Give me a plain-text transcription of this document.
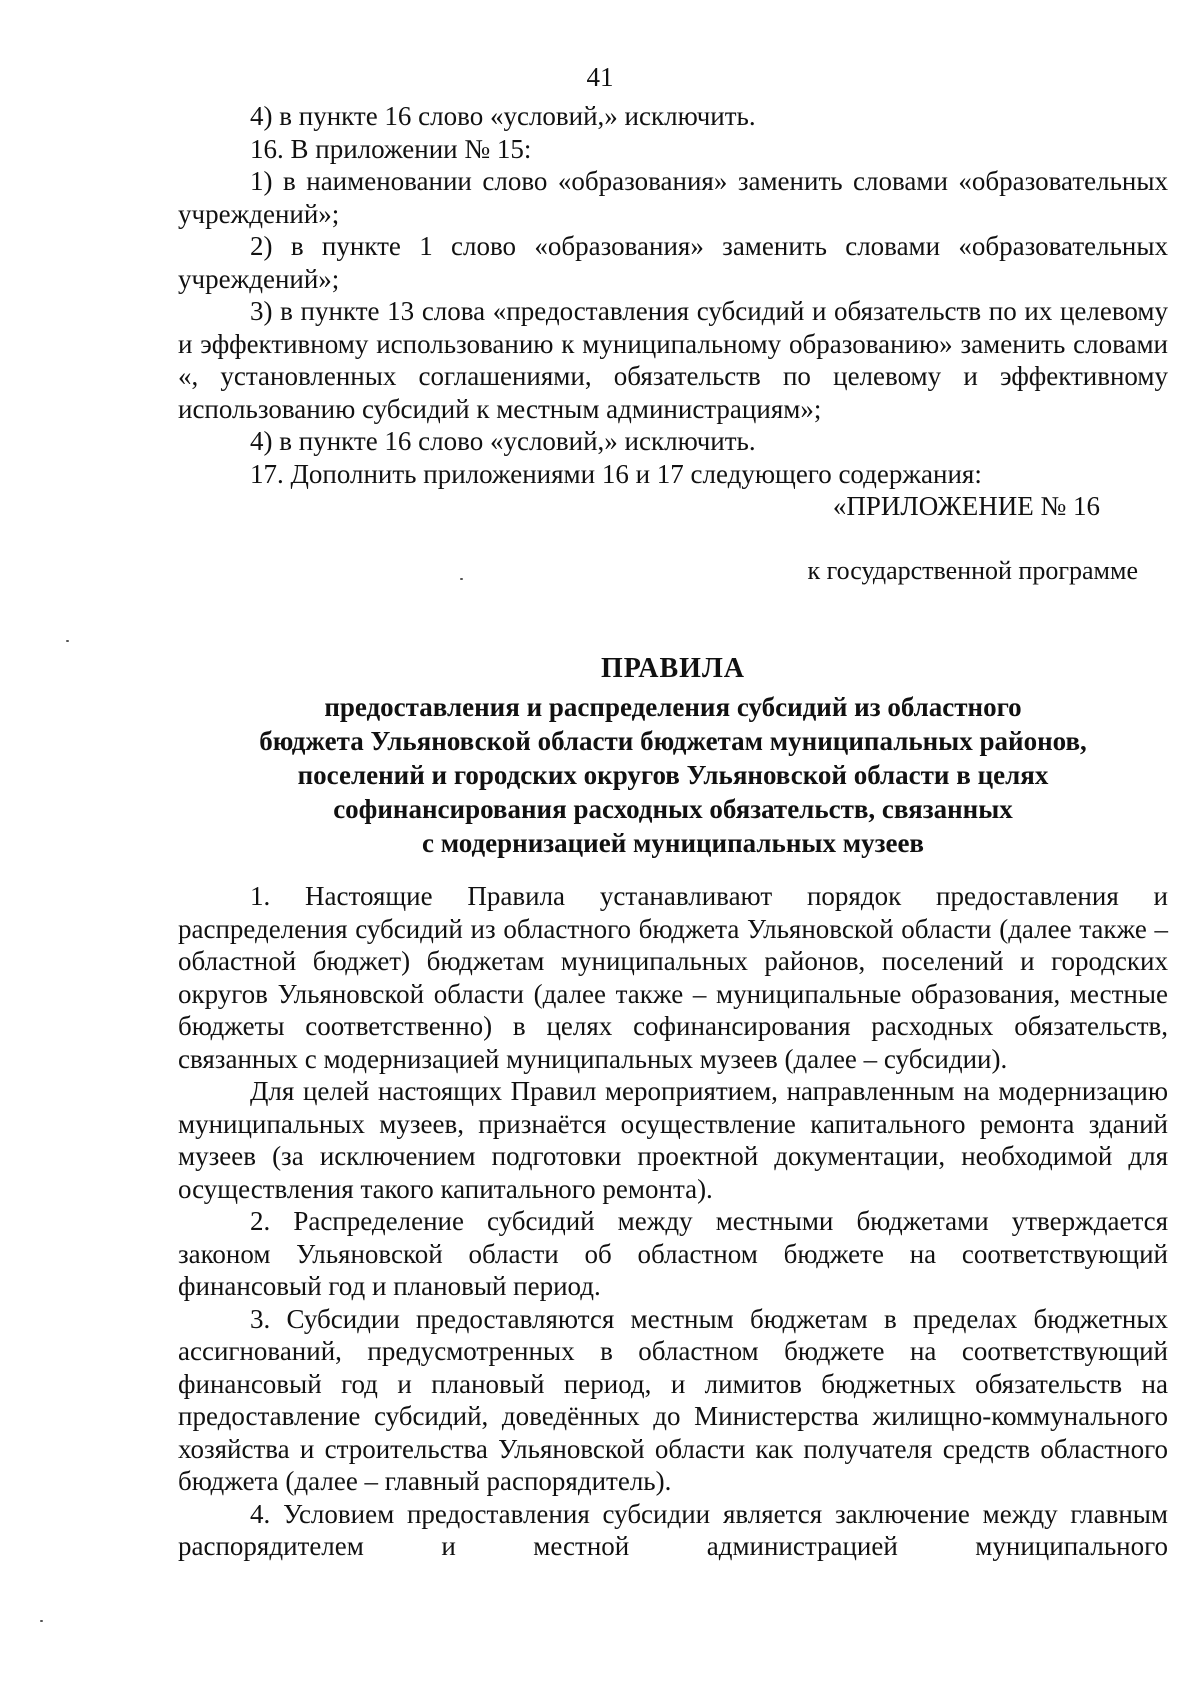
41

4) в пункте 16 слово «условий,» исключить.

16. В приложении № 15:

1) в наименовании слово «образования» заменить словами «образовательных учреждений»;

2) в пункте 1 слово «образования» заменить словами «образовательных учреждений»;

3) в пункте 13 слова «предоставления субсидий и обязательств по их целевому и эффективному использованию к муниципальному образованию» заменить словами «, установленных соглашениями, обязательств по целевому и эффективному использованию субсидий к местным администрациям»;

4) в пункте 16 слово «условий,» исключить.

17. Дополнить приложениями 16 и 17 следующего содержания:

«ПРИЛОЖЕНИЕ № 16
к государственной программе
ПРАВИЛА
предоставления и распределения субсидий из областного
бюджета Ульяновской области бюджетам муниципальных районов,
поселений и городских округов Ульяновской области в целях
софинансирования расходных обязательств, связанных
с модернизацией муниципальных музеев

1. Настоящие Правила устанавливают порядок предоставления и распределения субсидий из областного бюджета Ульяновской области (далее также – областной бюджет) бюджетам муниципальных районов, поселений и городских округов Ульяновской области (далее также – муниципальные образования, местные бюджеты соответственно) в целях софинансирования расходных обязательств, связанных с модернизацией муниципальных музеев (далее – субсидии).

Для целей настоящих Правил мероприятием, направленным на модернизацию муниципальных музеев, признаётся осуществление капитального ремонта зданий музеев (за исключением подготовки проектной документации, необходимой для осуществления такого капитального ремонта).

2. Распределение субсидий между местными бюджетами утверждается законом Ульяновской области об областном бюджете на соответствующий финансовый год и плановый период.

3. Субсидии предоставляются местным бюджетам в пределах бюджетных ассигнований, предусмотренных в областном бюджете на соответствующий финансовый год и плановый период, и лимитов бюджетных обязательств на предоставление субсидий, доведённых до Министерства жилищно-коммунального хозяйства и строительства Ульяновской области как получателя средств областного бюджета (далее – главный распорядитель).

4. Условием предоставления субсидии является заключение между главным распорядителем и местной администрацией муниципального
